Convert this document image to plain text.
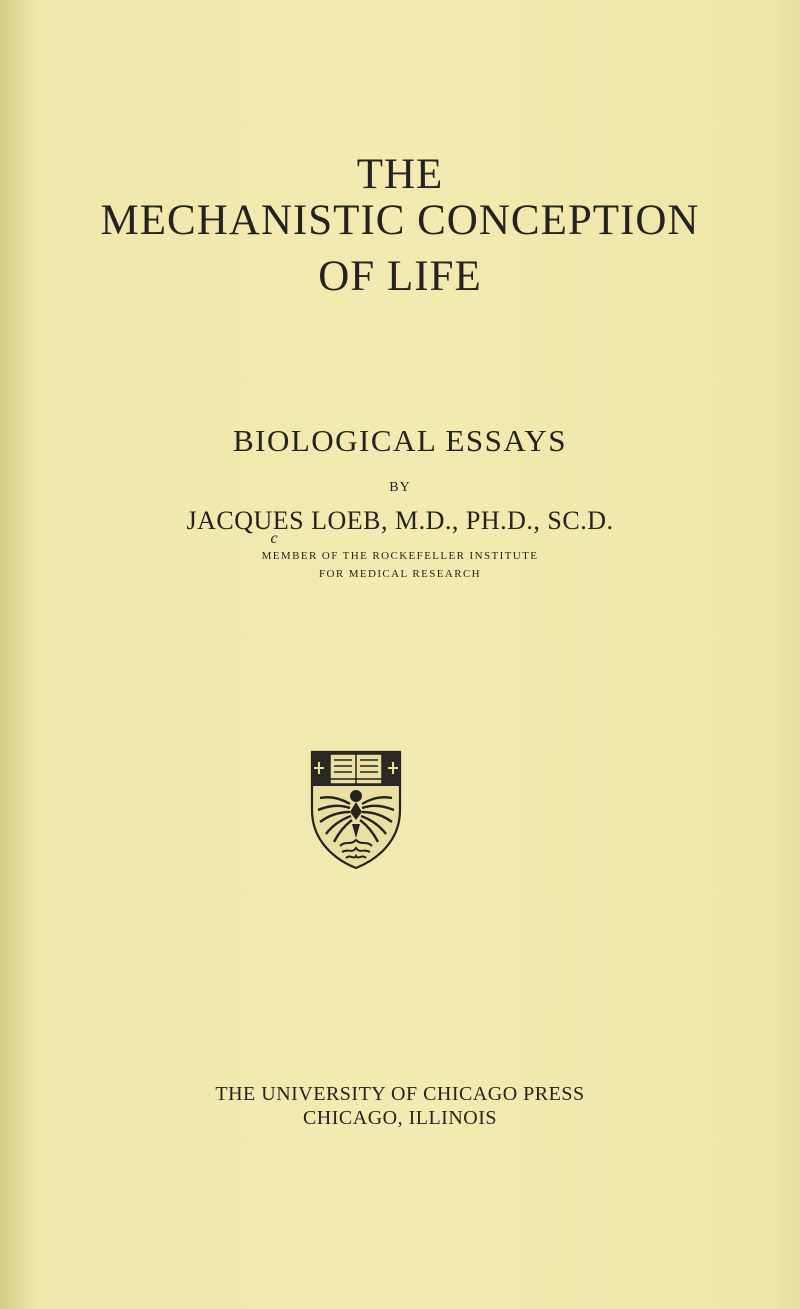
THE
MECHANISTIC CONCEPTION
OF LIFE
BIOLOGICAL ESSAYS
BY
JACQUES LOEB, M.D., PH.D., SC.D.
c
MEMBER OF THE ROCKEFELLER INSTITUTE
FOR MEDICAL RESEARCH
THE UNIVERSITY OF CHICAGO PRESS
CHICAGO, ILLINOIS
